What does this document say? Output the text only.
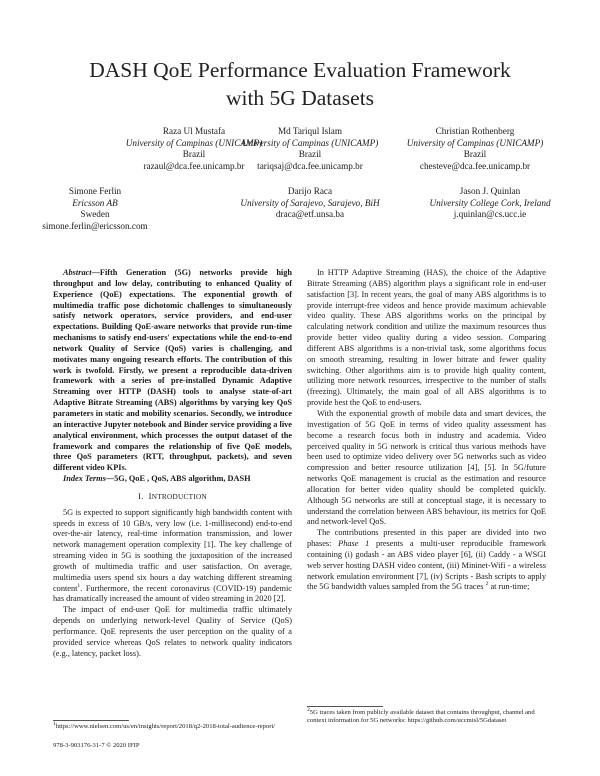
DASH QoE Performance Evaluation Framework
with 5G Datasets
Raza Ul Mustafa
University of Campinas (UNICAMP)
Brazil
razaul@dca.fee.unicamp.br
Md Tariqul Islam
University of Campinas (UNICAMP)
Brazil
tariqsaj@dca.fee.unicamp.br
Christian Rothenberg
University of Campinas (UNICAMP)
Brazil
chesteve@dca.fee.unicamp.br
Simone Ferlin
Ericsson AB
Sweden
simone.ferlin@ericsson.com
Darijo Raca
University of Sarajevo, Sarajevo, BiH
draca@etf.unsa.ba
Jason J. Quinlan
University College Cork, Ireland
j.quinlan@cs.ucc.ie

Abstract—Fifth Generation (5G) networks provide high throughput and low delay, contributing to enhanced Quality of Experience (QoE) expectations. The exponential growth of multimedia traffic pose dichotomic challenges to simultaneously satisfy network operators, service providers, and end-user expectations. Building QoE-aware networks that provide run-time mechanisms to satisfy end-users' expectations while the end-to-end network Quality of Service (QoS) varies is challenging, and motivates many ongoing research efforts. The contribution of this work is twofold. Firstly, we present a reproducible data-driven framework with a series of pre-installed Dynamic Adaptive Streaming over HTTP (DASH) tools to analyse state-of-art Adaptive Bitrate Streaming (ABS) algorithms by varying key QoS parameters in static and mobility scenarios. Secondly, we introduce an interactive Jupyter notebook and Binder service providing a live analytical environment, which processes the output dataset of the framework and compares the relationship of five QoE models, three QoS parameters (RTT, throughput, packets), and seven different video KPIs.

Index Terms—5G, QoE , QoS, ABS algorithm, DASH

I. INTRODUCTION

5G is expected to support significantly high bandwidth content with speeds in excess of 10 GB/s, very low (i.e. 1-millisecond) end-to-end over-the-air latency, real-time information transmission, and lower network management operation complexity [1]. The key challenge of streaming video in 5G is soothing the juxtaposition of the increased growth of multimedia traffic and user satisfaction. On average, multimedia users spend six hours a day watching different streaming content$^1$. Furthermore, the recent coronavirus (COVID-19) pandemic has dramatically increased the amount of video streaming in 2020 [2].

The impact of end-user QoE for multimedia traffic ultimately depends on underlying network-level Quality of Service (QoS) performance. QoE represents the user perception on the quality of a provided service whereas QoS relates to network quality indicators (e.g., latency, packet loss).

In HTTP Adaptive Streaming (HAS), the choice of the Adaptive Bitrate Streaming (ABS) algorithm plays a significant role in end-user satisfaction [3]. In recent years, the goal of many ABS algorithms is to provide interrupt-free videos and hence provide maximum achievable video quality. These ABS algorithms works on the principal by calculating network condition and utilize the maximum resources thus provide better video quality during a video session. Comparing different ABS algorithms is a non-trivial task, some algorithms focus on smooth streaming, resulting in lower bitrate and fewer quality switching. Other algorithms aim is to provide high quality content, utilizing more network resources, irrespective to the number of stalls (freezing). Ultimately, the main goal of all ABS algorithms is to provide best the QoE to end-users.

With the exponential growth of mobile data and smart devices, the investigation of 5G QoE in terms of video quality assessment has become a research focus both in industry and academia. Video perceived quality in 5G network is critical thus various methods have been used to optimize video delivery over 5G networks such as video compression and better resource utilization [4], [5]. In 5G/future networks QoE management is crucial as the estimation and resource allocation for better video quality should be completed quickly. Although 5G networks are still at conceptual stage, it is necessary to understand the correlation between ABS behaviour, its metrics for QoE and network-level QoS.

The contributions presented in this paper are divided into two phases: Phase 1 presents a multi-user reproducible framework containing (i) godash - an ABS video player [6], (ii) Caddy - a WSGI web server hosting DASH video content, (iii) Mininet-Wifi - a wireless network emulation environment [7], (iv) Scripts - Bash scripts to apply the 5G bandwidth values sampled from the 5G traces $^2$ at run-time;

$^1$https://www.nielsen.com/us/en/insights/report/2018/q2-2018-total-audience-report/
$^2$5G traces taken from publicly available dataset that contains throughput, channel and context information for 5G networks: https://github.com/uccmisl/5Gdataset
978-3-903176-31-7 © 2020 IFIP
